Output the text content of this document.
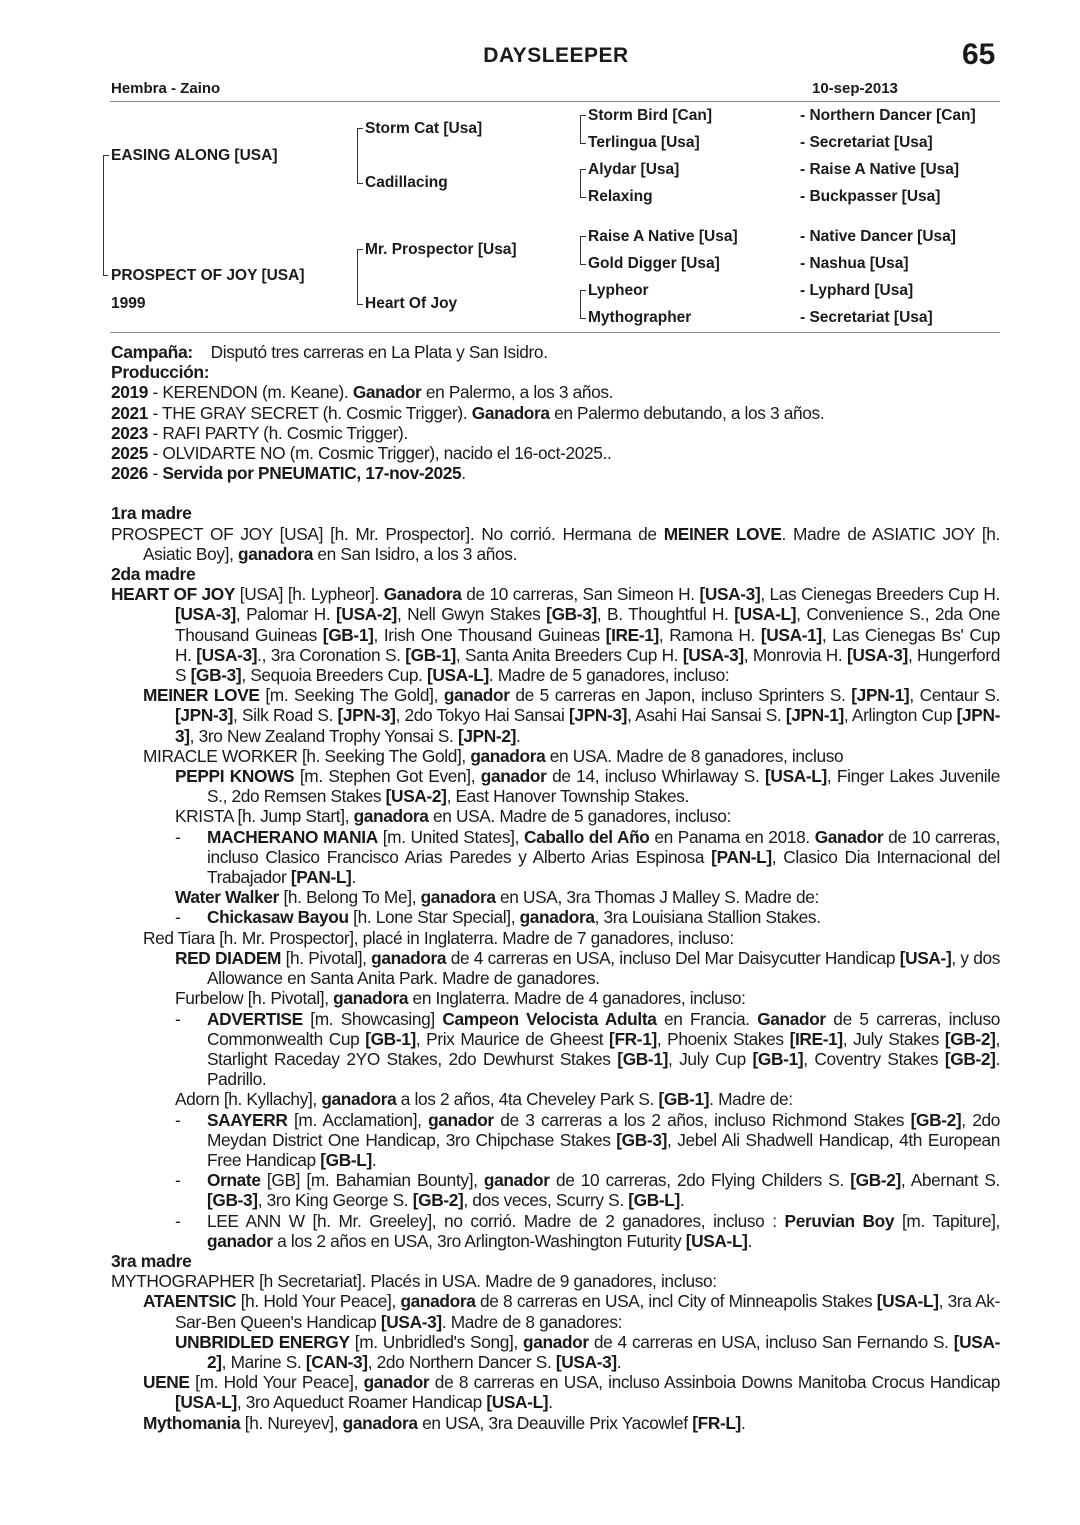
DAYSLEEPER	65
Hembra - Zaino	10-sep-2013
EASING ALONG [USA]
PROSPECT OF JOY [USA]
1999
Storm Cat [Usa]
Cadillacing
Mr. Prospector [Usa]
Heart Of Joy
Storm Bird [Can]
Terlingua [Usa]
Alydar [Usa]
Relaxing
Raise A Native [Usa]
Gold Digger [Usa]
Lypheor
Mythographer
- Northern Dancer [Can]
- Secretariat [Usa]
- Raise A Native [Usa]
- Buckpasser [Usa]
- Native Dancer [Usa]
- Nashua [Usa]
- Lyphard [Usa]
- Secretariat [Usa]

Campaña: Disputó tres carreras en La Plata y San Isidro.

Producción:

2019 - KERENDON (m. Keane). Ganador en Palermo, a los 3 años.

2021 - THE GRAY SECRET (h. Cosmic Trigger). Ganadora en Palermo debutando, a los 3 años.

2023 - RAFI PARTY (h. Cosmic Trigger).

2025 - OLVIDARTE NO (m. Cosmic Trigger), nacido el 16-oct-2025..

2026 - Servida por PNEUMATIC, 17-nov-2025.

1ra madre

PROSPECT OF JOY [USA] [h. Mr. Prospector]. No corrió. Hermana de MEINER LOVE. Madre de ASIATIC JOY [h. Asiatic Boy], ganadora en San Isidro, a los 3 años.

2da madre

HEART OF JOY [USA] [h. Lypheor]. Ganadora de 10 carreras, San Simeon H. [USA-3], Las Cienegas Breeders Cup H. [USA-3], Palomar H. [USA-2], Nell Gwyn Stakes [GB-3], B. Thoughtful H. [USA-L], Convenience S., 2da One Thousand Guineas [GB-1], Irish One Thousand Guineas [IRE-1], Ramona H. [USA-1], Las Cienegas Bs' Cup H. [USA-3]., 3ra Coronation S. [GB-1], Santa Anita Breeders Cup H. [USA-3], Monrovia H. [USA-3], Hungerford S [GB-3], Sequoia Breeders Cup. [USA-L]. Madre de 5 ganadores, incluso:

MEINER LOVE [m. Seeking The Gold], ganador de 5 carreras en Japon, incluso Sprinters S. [JPN-1], Centaur S. [JPN-3], Silk Road S. [JPN-3], 2do Tokyo Hai Sansai [JPN-3], Asahi Hai Sansai S. [JPN-1], Arlington Cup [JPN-3], 3ro New Zealand Trophy Yonsai S. [JPN-2].

MIRACLE WORKER [h. Seeking The Gold], ganadora en USA. Madre de 8 ganadores, incluso

PEPPI KNOWS [m. Stephen Got Even], ganador de 14, incluso Whirlaway S. [USA-L], Finger Lakes Juvenile S., 2do Remsen Stakes [USA-2], East Hanover Township Stakes.

KRISTA [h. Jump Start], ganadora en USA. Madre de 5 ganadores, incluso:

- MACHERANO MANIA [m. United States], Caballo del Año en Panama en 2018. Ganador de 10 carreras, incluso Clasico Francisco Arias Paredes y Alberto Arias Espinosa [PAN-L], Clasico Dia Internacional del Trabajador [PAN-L].

Water Walker [h. Belong To Me], ganadora en USA, 3ra Thomas J Malley S. Madre de:

- Chickasaw Bayou [h. Lone Star Special], ganadora, 3ra Louisiana Stallion Stakes.

Red Tiara [h. Mr. Prospector], placé in Inglaterra. Madre de 7 ganadores, incluso:

RED DIADEM [h. Pivotal], ganadora de 4 carreras en USA, incluso Del Mar Daisycutter Handicap [USA-], y dos Allowance en Santa Anita Park. Madre de ganadores.

Furbelow [h. Pivotal], ganadora en Inglaterra. Madre de 4 ganadores, incluso:

- ADVERTISE [m. Showcasing] Campeon Velocista Adulta en Francia. Ganador de 5 carreras, incluso Commonwealth Cup [GB-1], Prix Maurice de Gheest [FR-1], Phoenix Stakes [IRE-1], July Stakes [GB-2], Starlight Raceday 2YO Stakes, 2do Dewhurst Stakes [GB-1], July Cup [GB-1], Coventry Stakes [GB-2]. Padrillo.

Adorn [h. Kyllachy], ganadora a los 2 años, 4ta Cheveley Park S. [GB-1]. Madre de:

- SAAYERR [m. Acclamation], ganador de 3 carreras a los 2 años, incluso Richmond Stakes [GB-2], 2do Meydan District One Handicap, 3ro Chipchase Stakes [GB-3], Jebel Ali Shadwell Handicap, 4th European Free Handicap [GB-L].

- Ornate [GB] [m. Bahamian Bounty], ganador de 10 carreras, 2do Flying Childers S. [GB-2], Abernant S. [GB-3], 3ro King George S. [GB-2], dos veces, Scurry S. [GB-L].

- LEE ANN W [h. Mr. Greeley], no corrió. Madre de 2 ganadores, incluso : Peruvian Boy [m. Tapiture], ganador a los 2 años en USA, 3ro Arlington-Washington Futurity [USA-L].

3ra madre

MYTHOGRAPHER [h Secretariat]. Placés in USA. Madre de 9 ganadores, incluso:

ATAENTSIC [h. Hold Your Peace], ganadora de 8 carreras en USA, incl City of Minneapolis Stakes [USA-L], 3ra Ak-Sar-Ben Queen's Handicap [USA-3]. Madre de 8 ganadores:

UNBRIDLED ENERGY [m. Unbridled's Song], ganador de 4 carreras en USA, incluso San Fernando S. [USA-2], Marine S. [CAN-3], 2do Northern Dancer S. [USA-3].

UENE [m. Hold Your Peace], ganador de 8 carreras en USA, incluso Assinboia Downs Manitoba Crocus Handicap [USA-L], 3ro Aqueduct Roamer Handicap [USA-L].

Mythomania [h. Nureyev], ganadora en USA, 3ra Deauville Prix Yacowlef [FR-L].
